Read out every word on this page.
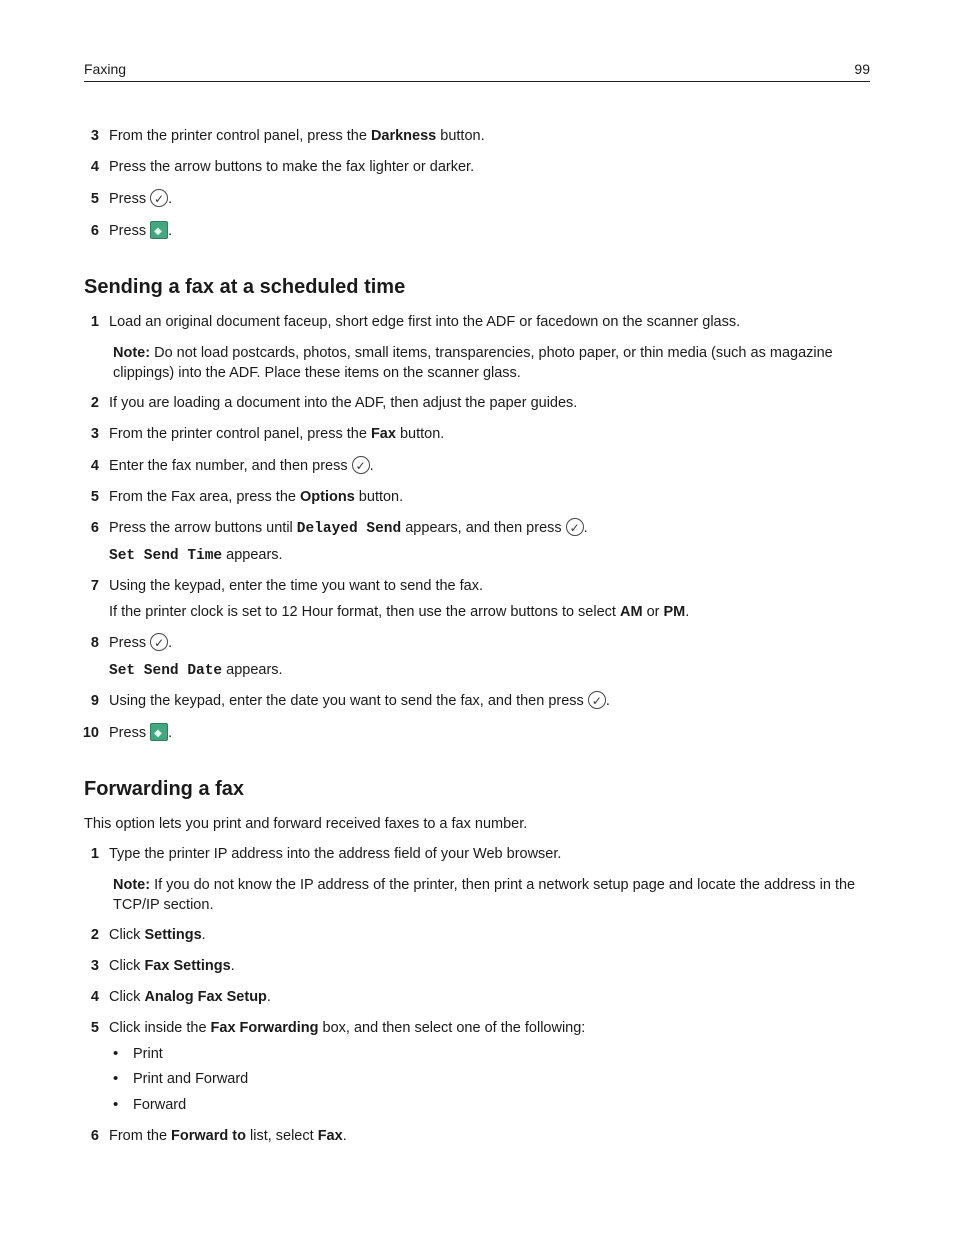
Faxing	99
3 From the printer control panel, press the Darkness button.
4 Press the arrow buttons to make the fax lighter or darker.
5 Press ✓.
6 Press ◆.
Sending a fax at a scheduled time
1 Load an original document faceup, short edge first into the ADF or facedown on the scanner glass.
Note: Do not load postcards, photos, small items, transparencies, photo paper, or thin media (such as magazine clippings) into the ADF. Place these items on the scanner glass.
2 If you are loading a document into the ADF, then adjust the paper guides.
3 From the printer control panel, press the Fax button.
4 Enter the fax number, and then press ✓.
5 From the Fax area, press the Options button.
6 Press the arrow buttons until Delayed Send appears, and then press ✓.
Set Send Time appears.
7 Using the keypad, enter the time you want to send the fax.
If the printer clock is set to 12 Hour format, then use the arrow buttons to select AM or PM.
8 Press ✓.
Set Send Date appears.
9 Using the keypad, enter the date you want to send the fax, and then press ✓.
10 Press ◆.
Forwarding a fax
This option lets you print and forward received faxes to a fax number.
1 Type the printer IP address into the address field of your Web browser.
Note: If you do not know the IP address of the printer, then print a network setup page and locate the address in the TCP/IP section.
2 Click Settings.
3 Click Fax Settings.
4 Click Analog Fax Setup.
5 Click inside the Fax Forwarding box, and then select one of the following:
• Print
• Print and Forward
• Forward
6 From the Forward to list, select Fax.
